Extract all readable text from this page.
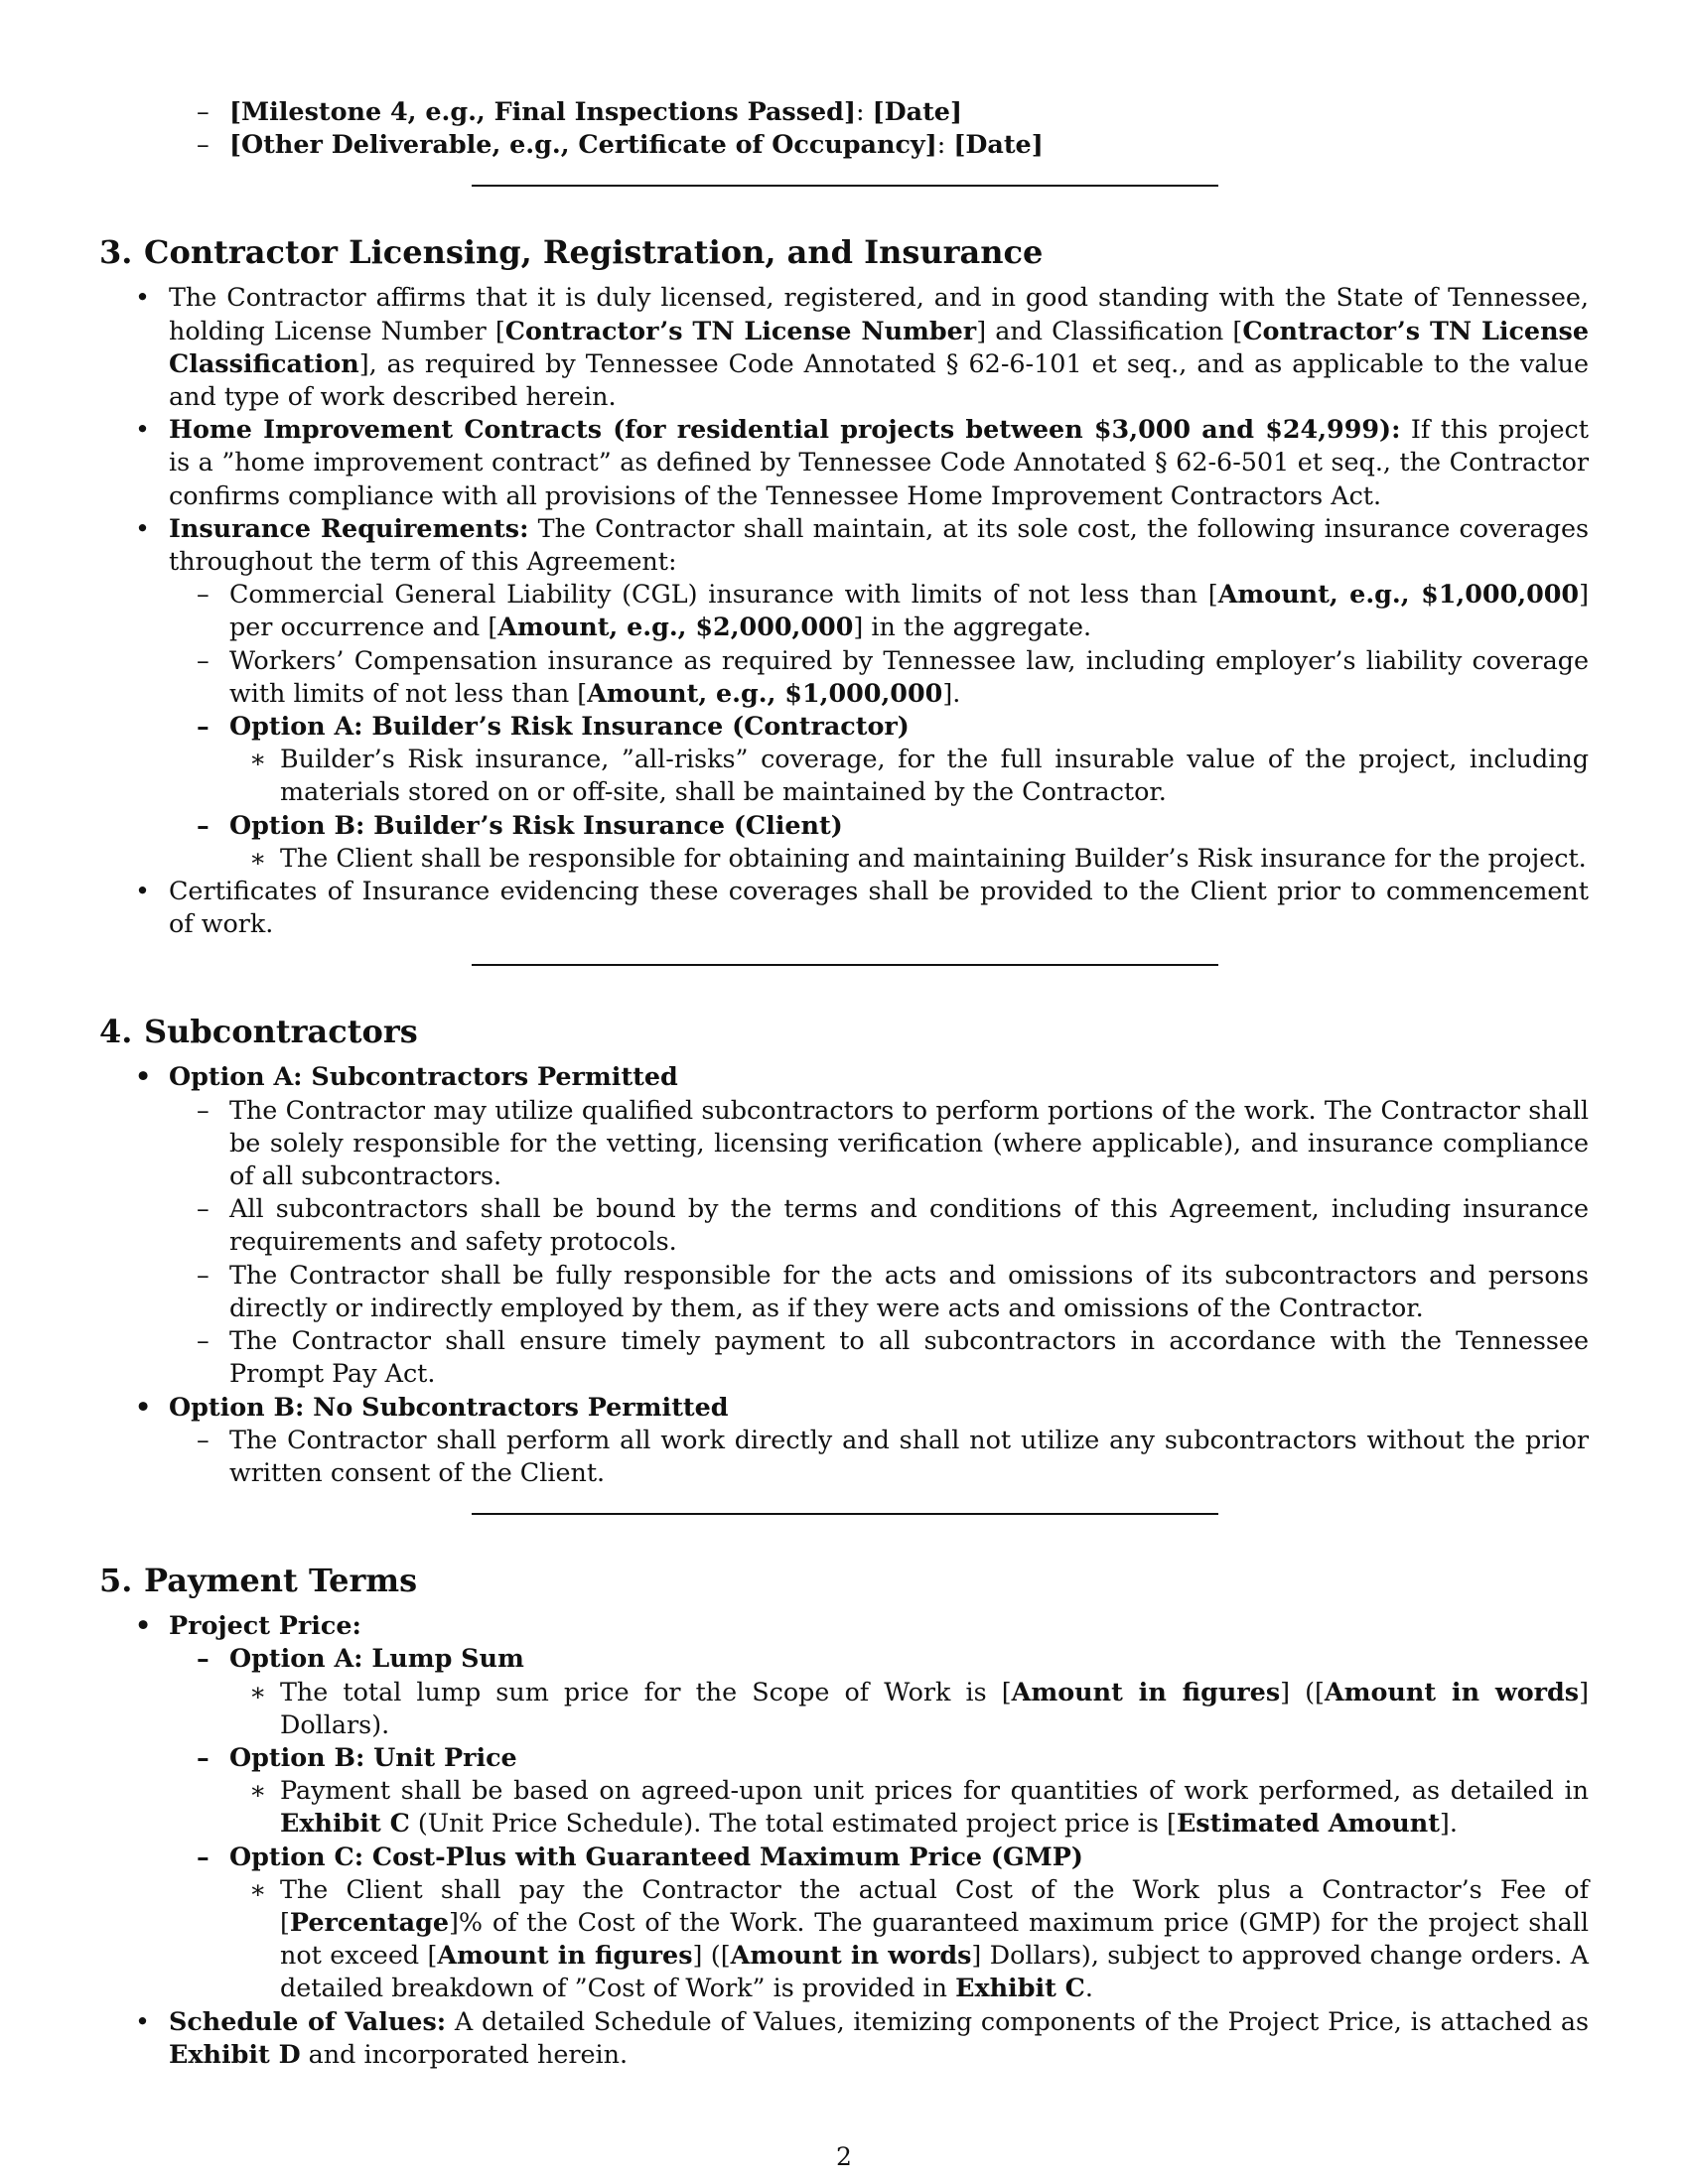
– [Milestone 4, e.g., Final Inspections Passed]: [Date]
– [Other Deliverable, e.g., Certificate of Occupancy]: [Date]
3. Contractor Licensing, Registration, and Insurance
• The Contractor affirms that it is duly licensed, registered, and in good standing with the State of Tennessee, holding License Number [Contractor’s TN License Number] and Classification [Contractor’s TN License Classification], as required by Tennessee Code Annotated § 62-6-101 et seq., and as applicable to the value and type of work described herein.
• Home Improvement Contracts (for residential projects between $3,000 and $24,999): If this project is a ”home improvement contract” as defined by Tennessee Code Annotated § 62-6-501 et seq., the Contractor confirms compliance with all provisions of the Tennessee Home Improvement Contractors Act.
• Insurance Requirements: The Contractor shall maintain, at its sole cost, the following insurance coverages throughout the term of this Agreement:
– Commercial General Liability (CGL) insurance with limits of not less than [Amount, e.g., $1,000,000] per occurrence and [Amount, e.g., $2,000,000] in the aggregate.
– Workers’ Compensation insurance as required by Tennessee law, including employer’s liability coverage with limits of not less than [Amount, e.g., $1,000,000].
– Option A: Builder’s Risk Insurance (Contractor)
∗ Builder’s Risk insurance, ”all-risks” coverage, for the full insurable value of the project, including materials stored on or off-site, shall be maintained by the Contractor.
– Option B: Builder’s Risk Insurance (Client)
∗ The Client shall be responsible for obtaining and maintaining Builder’s Risk insurance for the project.
• Certificates of Insurance evidencing these coverages shall be provided to the Client prior to commencement of work.
4. Subcontractors
• Option A: Subcontractors Permitted
– The Contractor may utilize qualified subcontractors to perform portions of the work. The Contractor shall be solely responsible for the vetting, licensing verification (where applicable), and insurance compliance of all subcontractors.
– All subcontractors shall be bound by the terms and conditions of this Agreement, including insurance requirements and safety protocols.
– The Contractor shall be fully responsible for the acts and omissions of its subcontractors and persons directly or indirectly employed by them, as if they were acts and omissions of the Contractor.
– The Contractor shall ensure timely payment to all subcontractors in accordance with the Tennessee Prompt Pay Act.
• Option B: No Subcontractors Permitted
– The Contractor shall perform all work directly and shall not utilize any subcontractors without the prior written consent of the Client.
5. Payment Terms
• Project Price:
– Option A: Lump Sum
∗ The total lump sum price for the Scope of Work is [Amount in figures] ([Amount in words] Dollars).
– Option B: Unit Price
∗ Payment shall be based on agreed-upon unit prices for quantities of work performed, as detailed in Exhibit C (Unit Price Schedule). The total estimated project price is [Estimated Amount].
– Option C: Cost-Plus with Guaranteed Maximum Price (GMP)
∗ The Client shall pay the Contractor the actual Cost of the Work plus a Contractor’s Fee of [Percentage]% of the Cost of the Work. The guaranteed maximum price (GMP) for the project shall not exceed [Amount in figures] ([Amount in words] Dollars), subject to approved change orders. A detailed breakdown of ”Cost of Work” is provided in Exhibit C.
• Schedule of Values: A detailed Schedule of Values, itemizing components of the Project Price, is attached as Exhibit D and incorporated herein.
2
